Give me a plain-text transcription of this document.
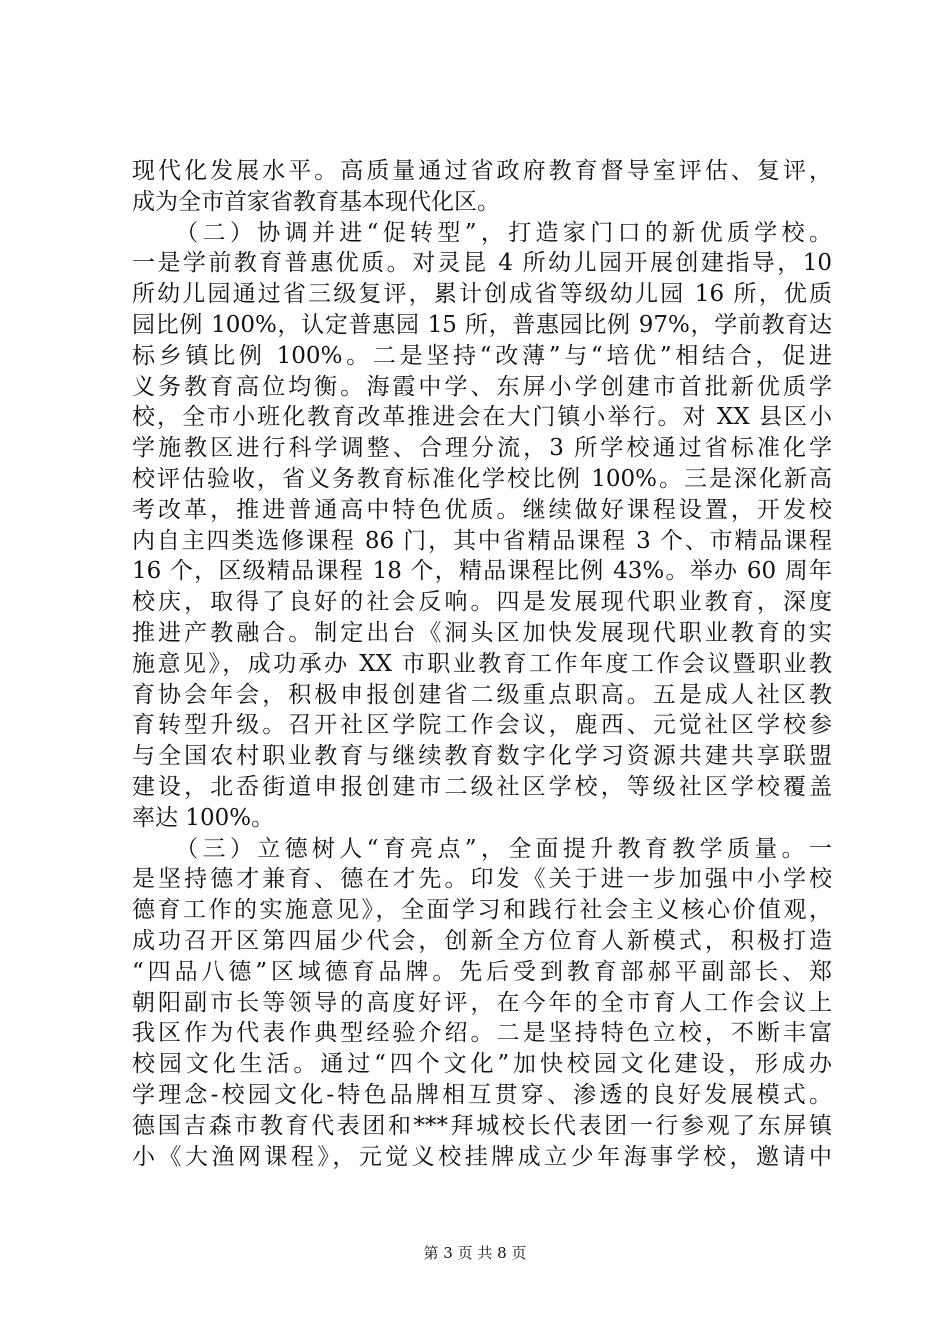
现代化发展水平。高质量通过省政府教育督导室评估、复评，
成为全市首家省教育基本现代化区。
　　（二）协调并进“促转型”，打造家门口的新优质学校。
一是学前教育普惠优质。对灵昆 4 所幼儿园开展创建指导，10
所幼儿园通过省三级复评，累计创成省等级幼儿园 16 所，优质
园比例 100%，认定普惠园 15 所，普惠园比例 97%，学前教育达
标乡镇比例 100%。二是坚持“改薄”与“培优”相结合，促进
义务教育高位均衡。海霞中学、东屏小学创建市首批新优质学
校，全市小班化教育改革推进会在大门镇小举行。对 XX 县区小
学施教区进行科学调整、合理分流，3 所学校通过省标准化学
校评估验收，省义务教育标准化学校比例 100%。三是深化新高
考改革，推进普通高中特色优质。继续做好课程设置，开发校
内自主四类选修课程 86 门，其中省精品课程 3 个、市精品课程
16 个，区级精品课程 18 个，精品课程比例 43%。举办 60 周年
校庆，取得了良好的社会反响。四是发展现代职业教育，深度
推进产教融合。制定出台《洞头区加快发展现代职业教育的实
施意见》，成功承办 XX 市职业教育工作年度工作会议暨职业教
育协会年会，积极申报创建省二级重点职高。五是成人社区教
育转型升级。召开社区学院工作会议，鹿西、元觉社区学校参
与全国农村职业教育与继续教育数字化学习资源共建共享联盟
建设，北岙街道申报创建市二级社区学校，等级社区学校覆盖
率达 100%。
　　（三）立德树人“育亮点”，全面提升教育教学质量。一
是坚持德才兼育、德在才先。印发《关于进一步加强中小学校
德育工作的实施意见》，全面学习和践行社会主义核心价值观，
成功召开区第四届少代会，创新全方位育人新模式，积极打造
“四品八德”区域德育品牌。先后受到教育部郝平副部长、郑
朝阳副市长等领导的高度好评，在今年的全市育人工作会议上
我区作为代表作典型经验介绍。二是坚持特色立校，不断丰富
校园文化生活。通过“四个文化”加快校园文化建设，形成办
学理念-校园文化-特色品牌相互贯穿、渗透的良好发展模式。
德国吉森市教育代表团和***拜城校长代表团一行参观了东屏镇
小《大渔网课程》，元觉义校挂牌成立少年海事学校，邀请中
第 3 页 共 8 页
